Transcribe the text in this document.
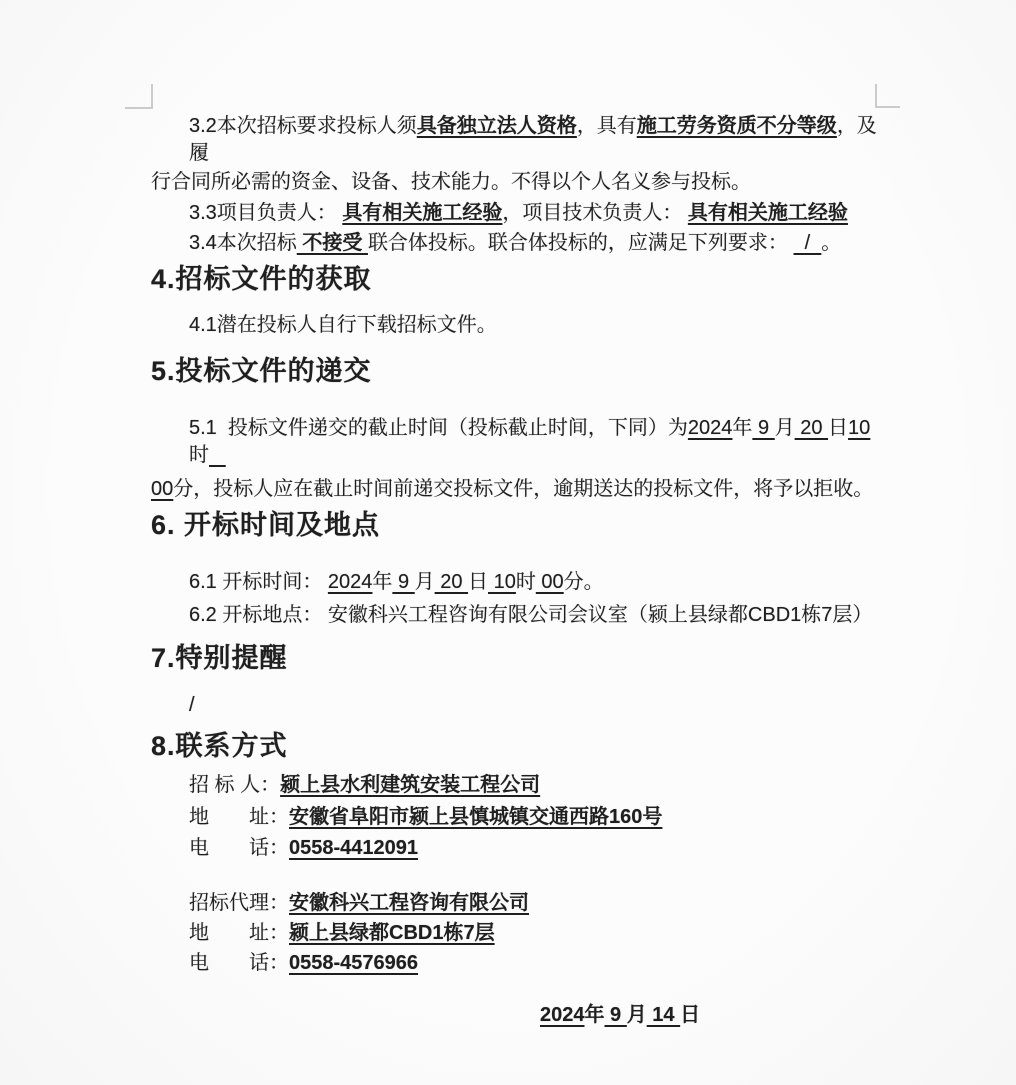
3.2本次招标要求投标人须具备独立法人资格，具有施工劳务资质不分等级，及履

行合同所必需的资金、设备、技术能力。不得以个人名义参与投标。

3.3项目负责人： 具有相关施工经验，项目技术负责人： 具有相关施工经验

3.4本次招标 不接受 联合体投标。联合体投标的，应满足下列要求：   /  。

4.招标文件的获取

4.1潜在投标人自行下载招标文件。

5.投标文件的递交

5.1  投标文件递交的截止时间（投标截止时间，下同）为2024年 9 月 20 日10时

00分，投标人应在截止时间前递交投标文件，逾期送达的投标文件，将予以拒收。

6. 开标时间及地点

6.1 开标时间： 2024年 9 月 20 日 10时 00分。

6.2 开标地点： 安徽科兴工程咨询有限公司会议室（颍上县绿都CBD1栋7层）

7.特别提醒

/

8.联系方式

招 标 人：颍上县水利建筑安装工程公司

地　　址：安徽省阜阳市颍上县慎城镇交通西路160号

电　　话：0558-4412091

招标代理：安徽科兴工程咨询有限公司

地　　址：颍上县绿都CBD1栋7层

电　　话：0558-4576966

2024年 9 月 14 日
